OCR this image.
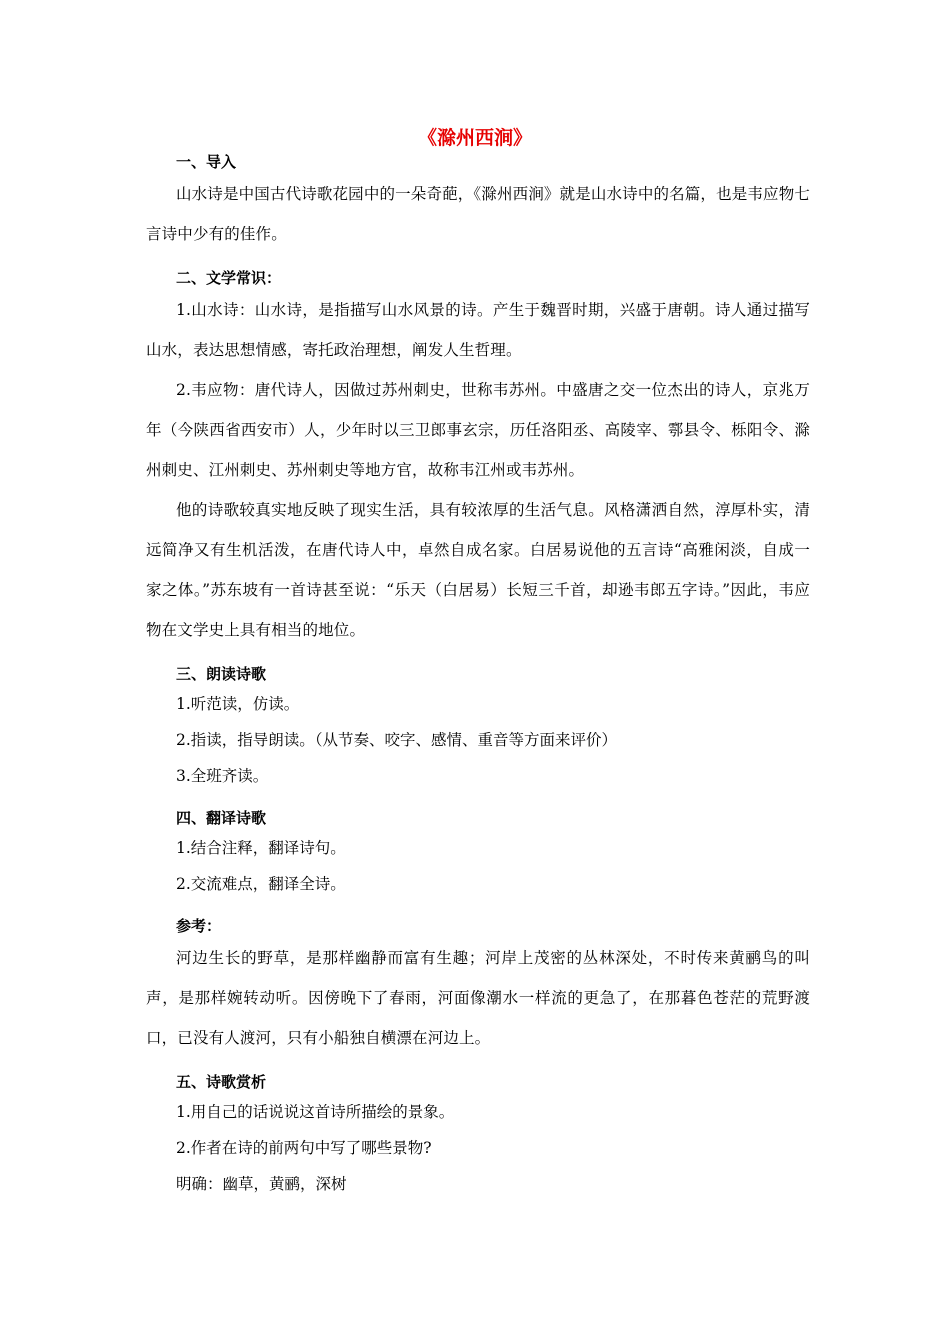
《滁州西涧》
一、导入
山水诗是中国古代诗歌花园中的一朵奇葩，《滁州西涧》就是山水诗中的名篇，也是韦应物七言诗中少有的佳作。
二、文学常识：
1.山水诗：山水诗，是指描写山水风景的诗。产生于魏晋时期，兴盛于唐朝。诗人通过描写山水，表达思想情感，寄托政治理想，阐发人生哲理。
2.韦应物：唐代诗人，因做过苏州刺史，世称韦苏州。中盛唐之交一位杰出的诗人，京兆万年（今陕西省西安市）人，少年时以三卫郎事玄宗，历任洛阳丞、高陵宰、鄠县令、栎阳令、滁州刺史、江州刺史、苏州刺史等地方官，故称韦江州或韦苏州。
他的诗歌较真实地反映了现实生活，具有较浓厚的生活气息。风格潇洒自然，淳厚朴实，清远简净又有生机活泼，在唐代诗人中，卓然自成名家。白居易说他的五言诗“高雅闲淡，自成一家之体。”苏东坡有一首诗甚至说：“乐天（白居易）长短三千首，却逊韦郎五字诗。”因此，韦应物在文学史上具有相当的地位。
三、朗读诗歌
1.听范读，仿读。
2.指读，指导朗读。（从节奏、咬字、感情、重音等方面来评价）
3.全班齐读。
四、翻译诗歌
1.结合注释，翻译诗句。
2.交流难点，翻译全诗。
参考：
河边生长的野草，是那样幽静而富有生趣；河岸上茂密的丛林深处，不时传来黄鹂鸟的叫声，是那样婉转动听。因傍晚下了春雨，河面像潮水一样流的更急了，在那暮色苍茫的荒野渡口，已没有人渡河，只有小船独自横漂在河边上。
五、诗歌赏析
1.用自己的话说说这首诗所描绘的景象。
2.作者在诗的前两句中写了哪些景物?
明确：幽草，黄鹂，深树
